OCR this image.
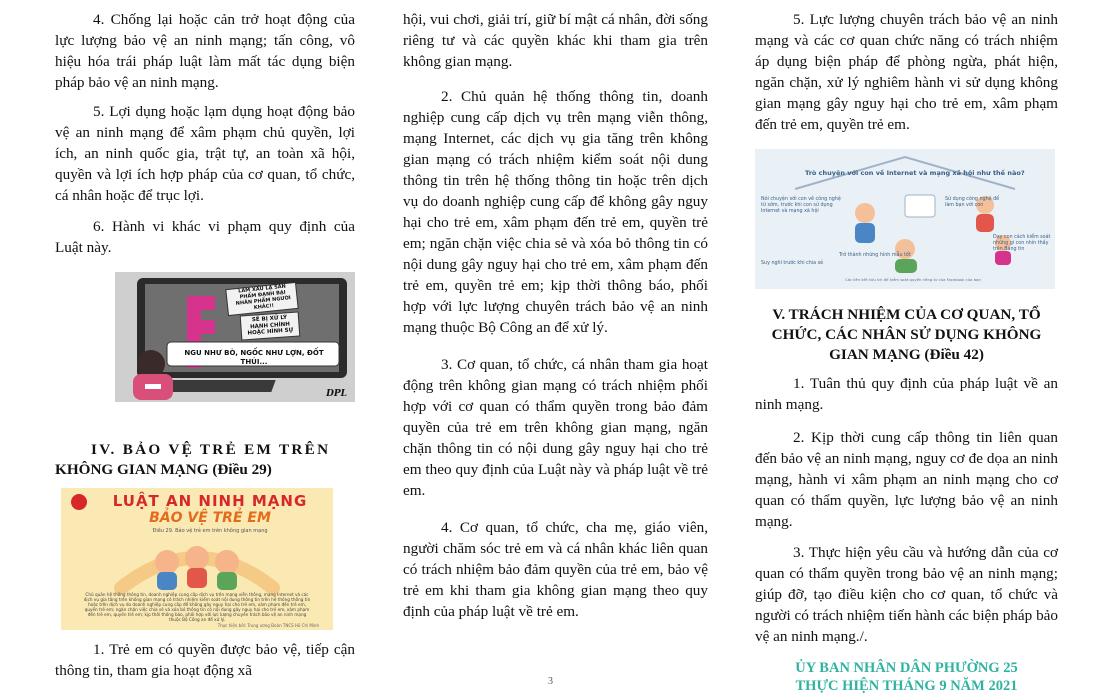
4. Chống lại hoặc cản trở hoạt động của lực lượng bảo vệ an ninh mạng; tấn công, vô hiệu hóa trái pháp luật làm mất tác dụng biện pháp bảo vệ an ninh mạng.

5. Lợi dụng hoặc lạm dụng hoạt động bảo vệ an ninh mạng để xâm phạm chủ quyền, lợi ích, an ninh quốc gia, trật tự, an toàn xã hội, quyền và lợi ích hợp pháp của cơ quan, tổ chức, cá nhân hoặc để trục lợi.

6. Hành vi khác vi phạm quy định của Luật này.

LÀM XẤU LẠ SẢN PHẨM ĐANH BẠI NHÂN PHẨM NGƯỜI KHÁC!!
SẼ BỊ XỬ LÝ HÀNH CHÍNH HOẶC HÌNH SỰ
NGU NHƯ BÒ, NGỐC NHƯ LỢN, ĐỐT THÚI...
DPL
IV. BẢO VỆ TRẺ EM TRÊN
KHÔNG GIAN MẠNG (Điều 29)
LUẬT AN NINH MẠNG
BẢO VỆ TRẺ EM
Điều 29. Bảo vệ trẻ em trên không gian mạng
Chủ quản hệ thống thông tin, doanh nghiệp cung cấp dịch vụ trên mạng viễn thông, mạng Internet và các dịch vụ gia tăng trên không gian mạng có trách nhiệm kiểm soát nội dung thông tin trên hệ thống thông tin hoặc trên dịch vụ do doanh nghiệp cung cấp để không gây nguy hại cho trẻ em, xâm phạm đến trẻ em, quyền trẻ em; ngăn chặn việc chia sẻ và xóa bỏ thông tin có nội dung gây nguy hại cho trẻ em, xâm phạm đến trẻ em, quyền trẻ em; kịp thời thông báo, phối hợp với lực lượng chuyên trách bảo vệ an ninh mạng thuộc Bộ Công an để xử lý.
Thực hiện bởi: Trung ương Đoàn TNCS Hồ Chí Minh

1. Trẻ em có quyền được bảo vệ, tiếp cận thông tin, tham gia hoạt động xã

hội, vui chơi, giải trí, giữ bí mật cá nhân, đời sống riêng tư và các quyền khác khi tham gia trên không gian mạng.

2. Chủ quản hệ thống thông tin, doanh nghiệp cung cấp dịch vụ trên mạng viễn thông, mạng Internet, các dịch vụ gia tăng trên không gian mạng có trách nhiệm kiểm soát nội dung thông tin trên hệ thống thông tin hoặc trên dịch vụ do doanh nghiệp cung cấp để không gây nguy hại cho trẻ em, xâm phạm đến trẻ em, quyền trẻ em; ngăn chặn việc chia sẻ và xóa bỏ thông tin có nội dung gây nguy hại cho trẻ em, xâm phạm đến trẻ em, quyền trẻ em; kịp thời thông báo, phối hợp với lực lượng chuyên trách bảo vệ an ninh mạng thuộc Bộ Công an để xử lý.

3. Cơ quan, tổ chức, cá nhân tham gia hoạt động trên không gian mạng có trách nhiệm phối hợp với cơ quan có thẩm quyền trong bảo đảm quyền của trẻ em trên không gian mạng, ngăn chặn thông tin có nội dung gây nguy hại cho trẻ em theo quy định của Luật này và pháp luật về trẻ em.

4. Cơ quan, tổ chức, cha mẹ, giáo viên, người chăm sóc trẻ em và cá nhân khác liên quan có trách nhiệm bảo đảm quyền của trẻ em, bảo vệ trẻ em khi tham gia không gian mạng theo quy định của pháp luật về trẻ em.

5. Lực lượng chuyên trách bảo vệ an ninh mạng và các cơ quan chức năng có trách nhiệm áp dụng biện pháp để phòng ngừa, phát hiện, ngăn chặn, xử lý nghiêm hành vi sử dụng không gian mạng gây nguy hại cho trẻ em, xâm phạm đến trẻ em, quyền trẻ em.

Trò chuyện với con về Internet và mạng xã hội như thế nào?
Nói chuyện với con về công nghệ từ sớm, trước khi con sử dụng Internet và mạng xã hội
Sử dụng công nghệ để làm bạn với con
Dạy con cách kiểm soát những gì con nhìn thấy trên Bảng tin
Trở thành những hình mẫu tốt
Suy nghĩ trước khi chia sẻ
Các liên kết hữu ích để kiểm soát quyền riêng tư của Facebook của bạn
V. TRÁCH NHIỆM CỦA CƠ QUAN, TỔ CHỨC, CÁC NHÂN SỬ DỤNG KHÔNG GIAN MẠNG (Điều 42)

1. Tuân thủ quy định của pháp luật về an ninh mạng.

2. Kịp thời cung cấp thông tin liên quan đến bảo vệ an ninh mạng, nguy cơ đe dọa an ninh mạng, hành vi xâm phạm an ninh mạng cho cơ quan có thẩm quyền, lực lượng bảo vệ an ninh mạng.

3. Thực hiện yêu cầu và hướng dẫn của cơ quan có thẩm quyền trong bảo vệ an ninh mạng; giúp đỡ, tạo điều kiện cho cơ quan, tổ chức và người có trách nhiệm tiến hành các biện pháp bảo vệ an ninh mạng./.

ỦY BAN NHÂN DÂN PHƯỜNG 25
THỰC HIỆN THÁNG 9 NĂM 2021
3
